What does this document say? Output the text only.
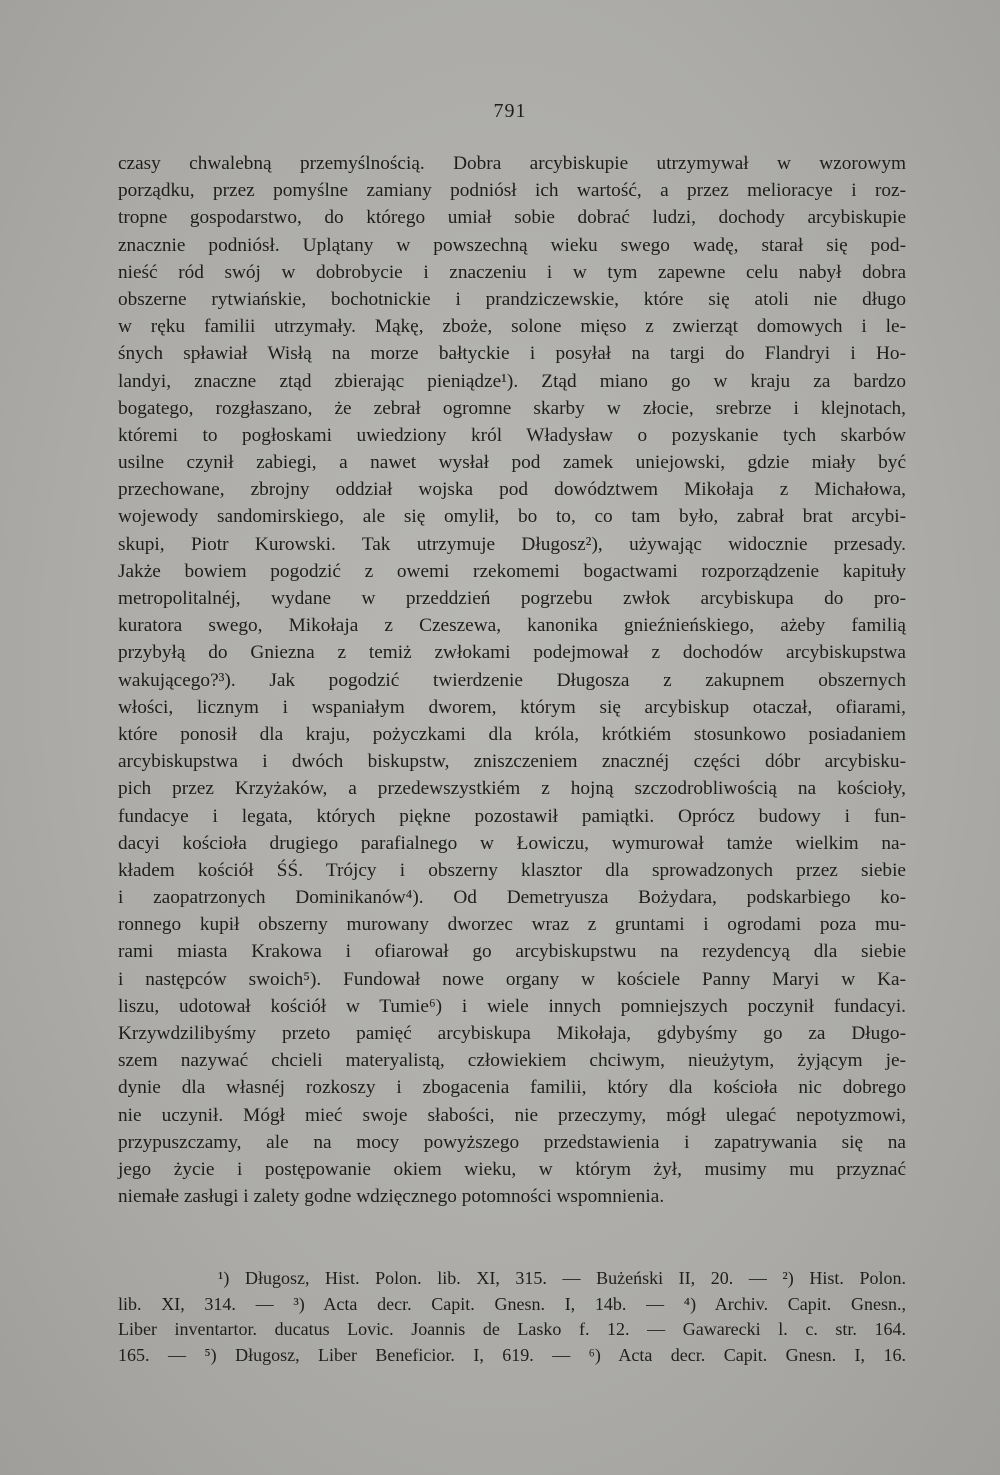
791
czasy chwalebną przemyślnością. Dobra arcybiskupie utrzymywał w wzorowym
porządku, przez pomyślne zamiany podniósł ich wartość, a przez melioracye i roz-
tropne gospodarstwo, do którego umiał sobie dobrać ludzi, dochody arcybiskupie
znacznie podniósł. Uplątany w powszechną wieku swego wadę, starał się pod-
nieść ród swój w dobrobycie i znaczeniu i w tym zapewne celu nabył dobra
obszerne rytwiańskie, bochotnickie i prandziczewskie, które się atoli nie długo
w ręku familii utrzymały. Mąkę, zboże, solone mięso z zwierząt domowych i le-
śnych spławiał Wisłą na morze bałtyckie i posyłał na targi do Flandryi i Ho-
landyi, znaczne ztąd zbierając pieniądze¹). Ztąd miano go w kraju za bardzo
bogatego, rozgłaszano, że zebrał ogromne skarby w złocie, srebrze i klejnotach,
któremi to pogłoskami uwiedziony król Władysław o pozyskanie tych skarbów
usilne czynił zabiegi, a nawet wysłał pod zamek uniejowski, gdzie miały być
przechowane, zbrojny oddział wojska pod dowództwem Mikołaja z Michałowa,
wojewody sandomirskiego, ale się omylił, bo to, co tam było, zabrał brat arcybi-
skupi, Piotr Kurowski. Tak utrzymuje Długosz²), używając widocznie przesady.
Jakże bowiem pogodzić z owemi rzekomemi bogactwami rozporządzenie kapituły
metropolitalnéj, wydane w przeddzień pogrzebu zwłok arcybiskupa do pro-
kuratora swego, Mikołaja z Czeszewa, kanonika gnieźnieńskiego, ażeby familią
przybyłą do Gniezna z temiż zwłokami podejmował z dochodów arcybiskupstwa
wakującego?³). Jak pogodzić twierdzenie Długosza z zakupnem obszernych
włości, licznym i wspaniałym dworem, którym się arcybiskup otaczał, ofiarami,
które ponosił dla kraju, pożyczkami dla króla, krótkiém stosunkowo posiadaniem
arcybiskupstwa i dwóch biskupstw, zniszczeniem znacznéj części dóbr arcybisku-
pich przez Krzyżaków, a przedewszystkiém z hojną szczodrobliwością na kościoły,
fundacye i legata, których piękne pozostawił pamiątki. Oprócz budowy i fun-
dacyi kościoła drugiego parafialnego w Łowiczu, wymurował tamże wielkim na-
kładem kościół ŚŚ. Trójcy i obszerny klasztor dla sprowadzonych przez siebie
i zaopatrzonych Dominikanów⁴). Od Demetryusza Bożydara, podskarbiego ko-
ronnego kupił obszerny murowany dworzec wraz z gruntami i ogrodami poza mu-
rami miasta Krakowa i ofiarował go arcybiskupstwu na rezydencyą dla siebie
i następców swoich⁵). Fundował nowe organy w kościele Panny Maryi w Ka-
liszu, udotował kościół w Tumie⁶) i wiele innych pomniejszych poczynił fundacyi.
Krzywdzilibyśmy przeto pamięć arcybiskupa Mikołaja, gdybyśmy go za Długo-
szem nazywać chcieli materyalistą, człowiekiem chciwym, nieużytym, żyjącym je-
dynie dla własnéj rozkoszy i zbogacenia familii, który dla kościoła nic dobrego
nie uczynił. Mógł mieć swoje słabości, nie przeczymy, mógł ulegać nepotyzmowi,
przypuszczamy, ale na mocy powyższego przedstawienia i zapatrywania się na
jego życie i postępowanie okiem wieku, w którym żył, musimy mu przyznać
niemałe zasługi i zalety godne wdzięcznego potomności wspomnienia.
¹) Długosz, Hist. Polon. lib. XI, 315. — Bużeński II, 20. — ²) Hist. Polon.
lib. XI, 314. — ³) Acta decr. Capit. Gnesn. I, 14b. — ⁴) Archiv. Capit. Gnesn.,
Liber inventartor. ducatus Lovic. Joannis de Lasko f. 12. — Gawarecki l. c. str. 164.
165. — ⁵) Długosz, Liber Beneficior. I, 619. — ⁶) Acta decr. Capit. Gnesn. I, 16.
